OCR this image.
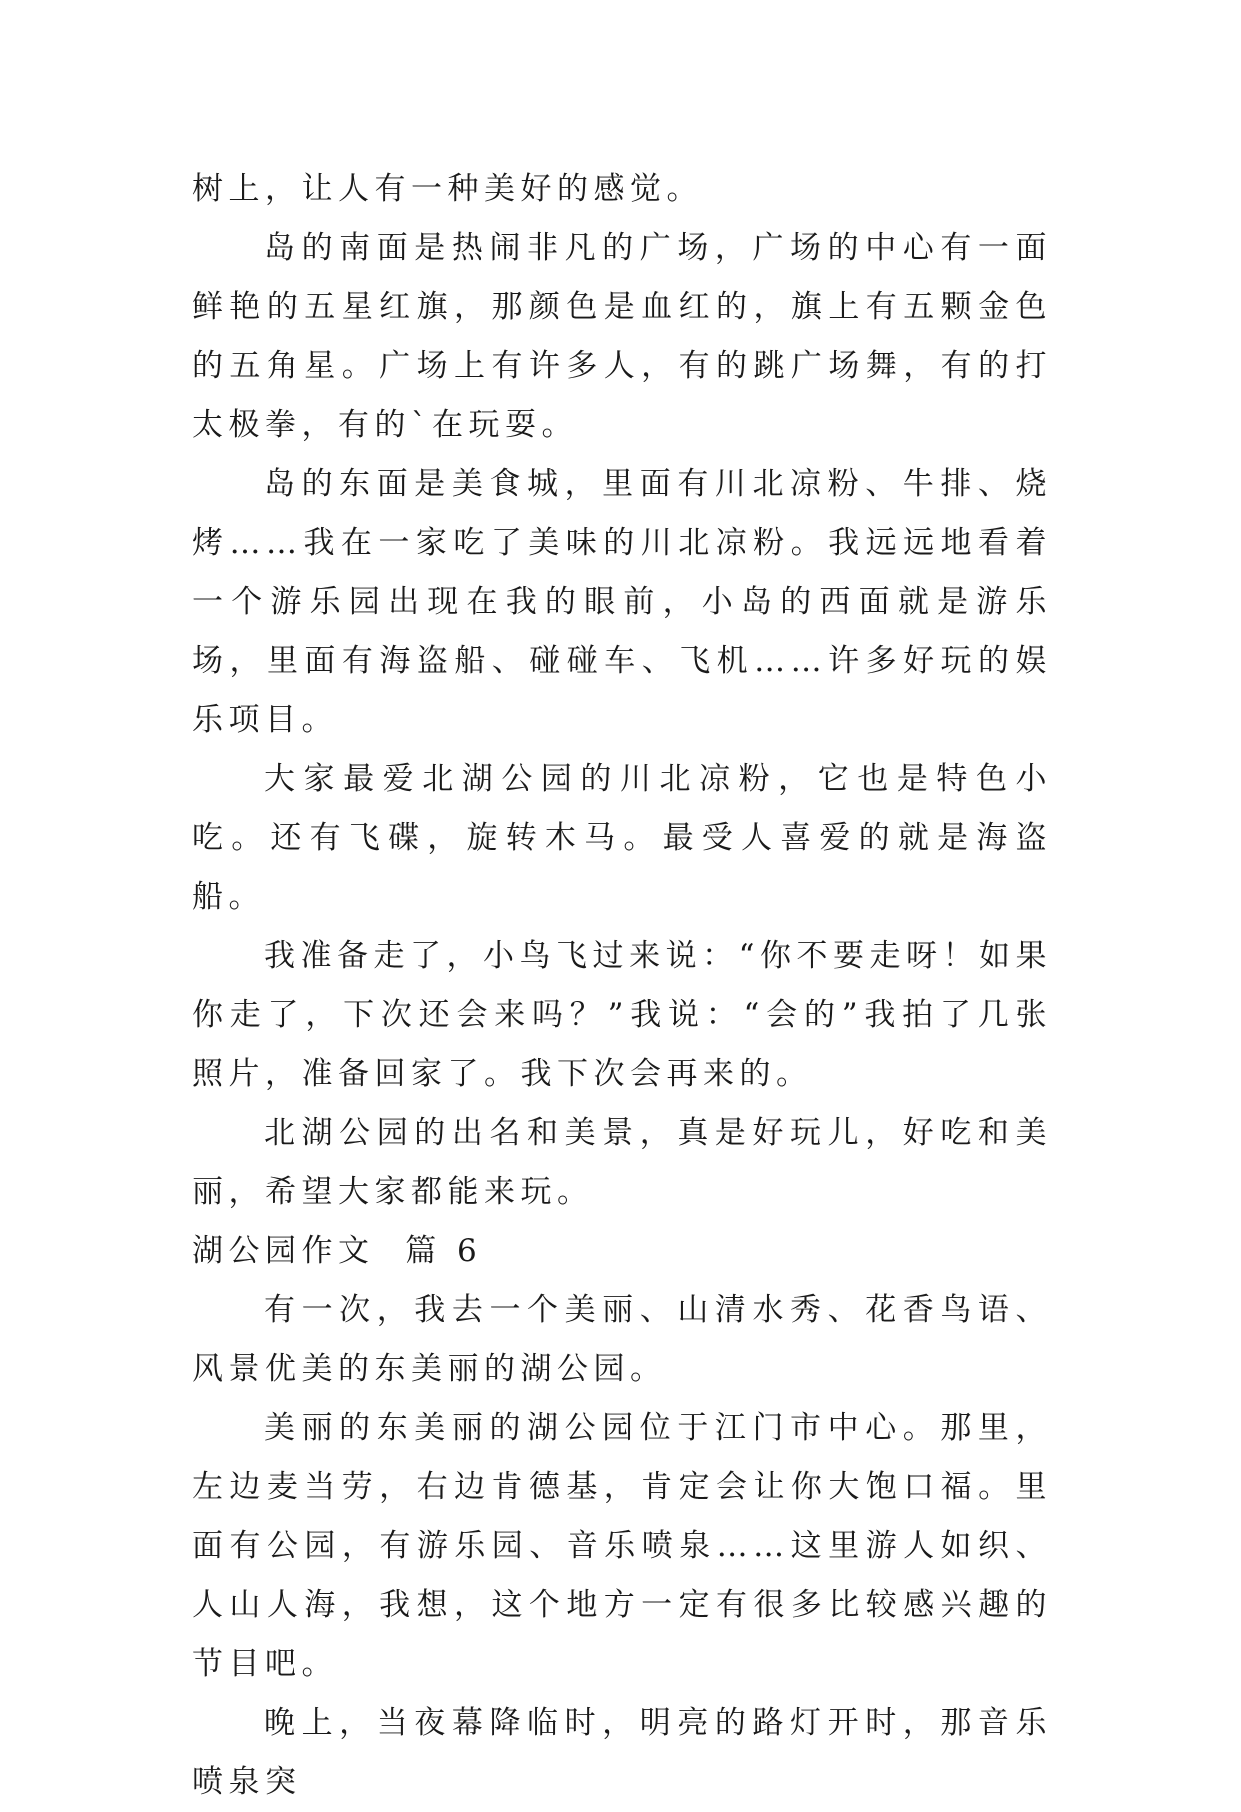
树上，让人有一种美好的感觉。

岛的南面是热闹非凡的广场，广场的中心有一面鲜艳的五星红旗，那颜色是血红的，旗上有五颗金色的五角星。广场上有许多人，有的跳广场舞，有的打太极拳，有的`在玩耍。

岛的东面是美食城，里面有川北凉粉、牛排、烧烤……我在一家吃了美味的川北凉粉。我远远地看着一个游乐园出现在我的眼前，小岛的西面就是游乐场，里面有海盗船、碰碰车、飞机……许多好玩的娱乐项目。

大家最爱北湖公园的川北凉粉，它也是特色小吃。还有飞碟，旋转木马。最受人喜爱的就是海盗船。

我准备走了，小鸟飞过来说：“你不要走呀！如果你走了，下次还会来吗？”我说：“会的”我拍了几张照片，准备回家了。我下次会再来的。

北湖公园的出名和美景，真是好玩儿，好吃和美丽，希望大家都能来玩。

湖公园作文  篇 6

有一次，我去一个美丽、山清水秀、花香鸟语、风景优美的东美丽的湖公园。

美丽的东美丽的湖公园位于江门市中心。那里，左边麦当劳，右边肯德基，肯定会让你大饱口福。里面有公园，有游乐园、音乐喷泉……这里游人如织、人山人海，我想，这个地方一定有很多比较感兴趣的节目吧。

晚上，当夜幕降临时，明亮的路灯开时，那音乐喷泉突
